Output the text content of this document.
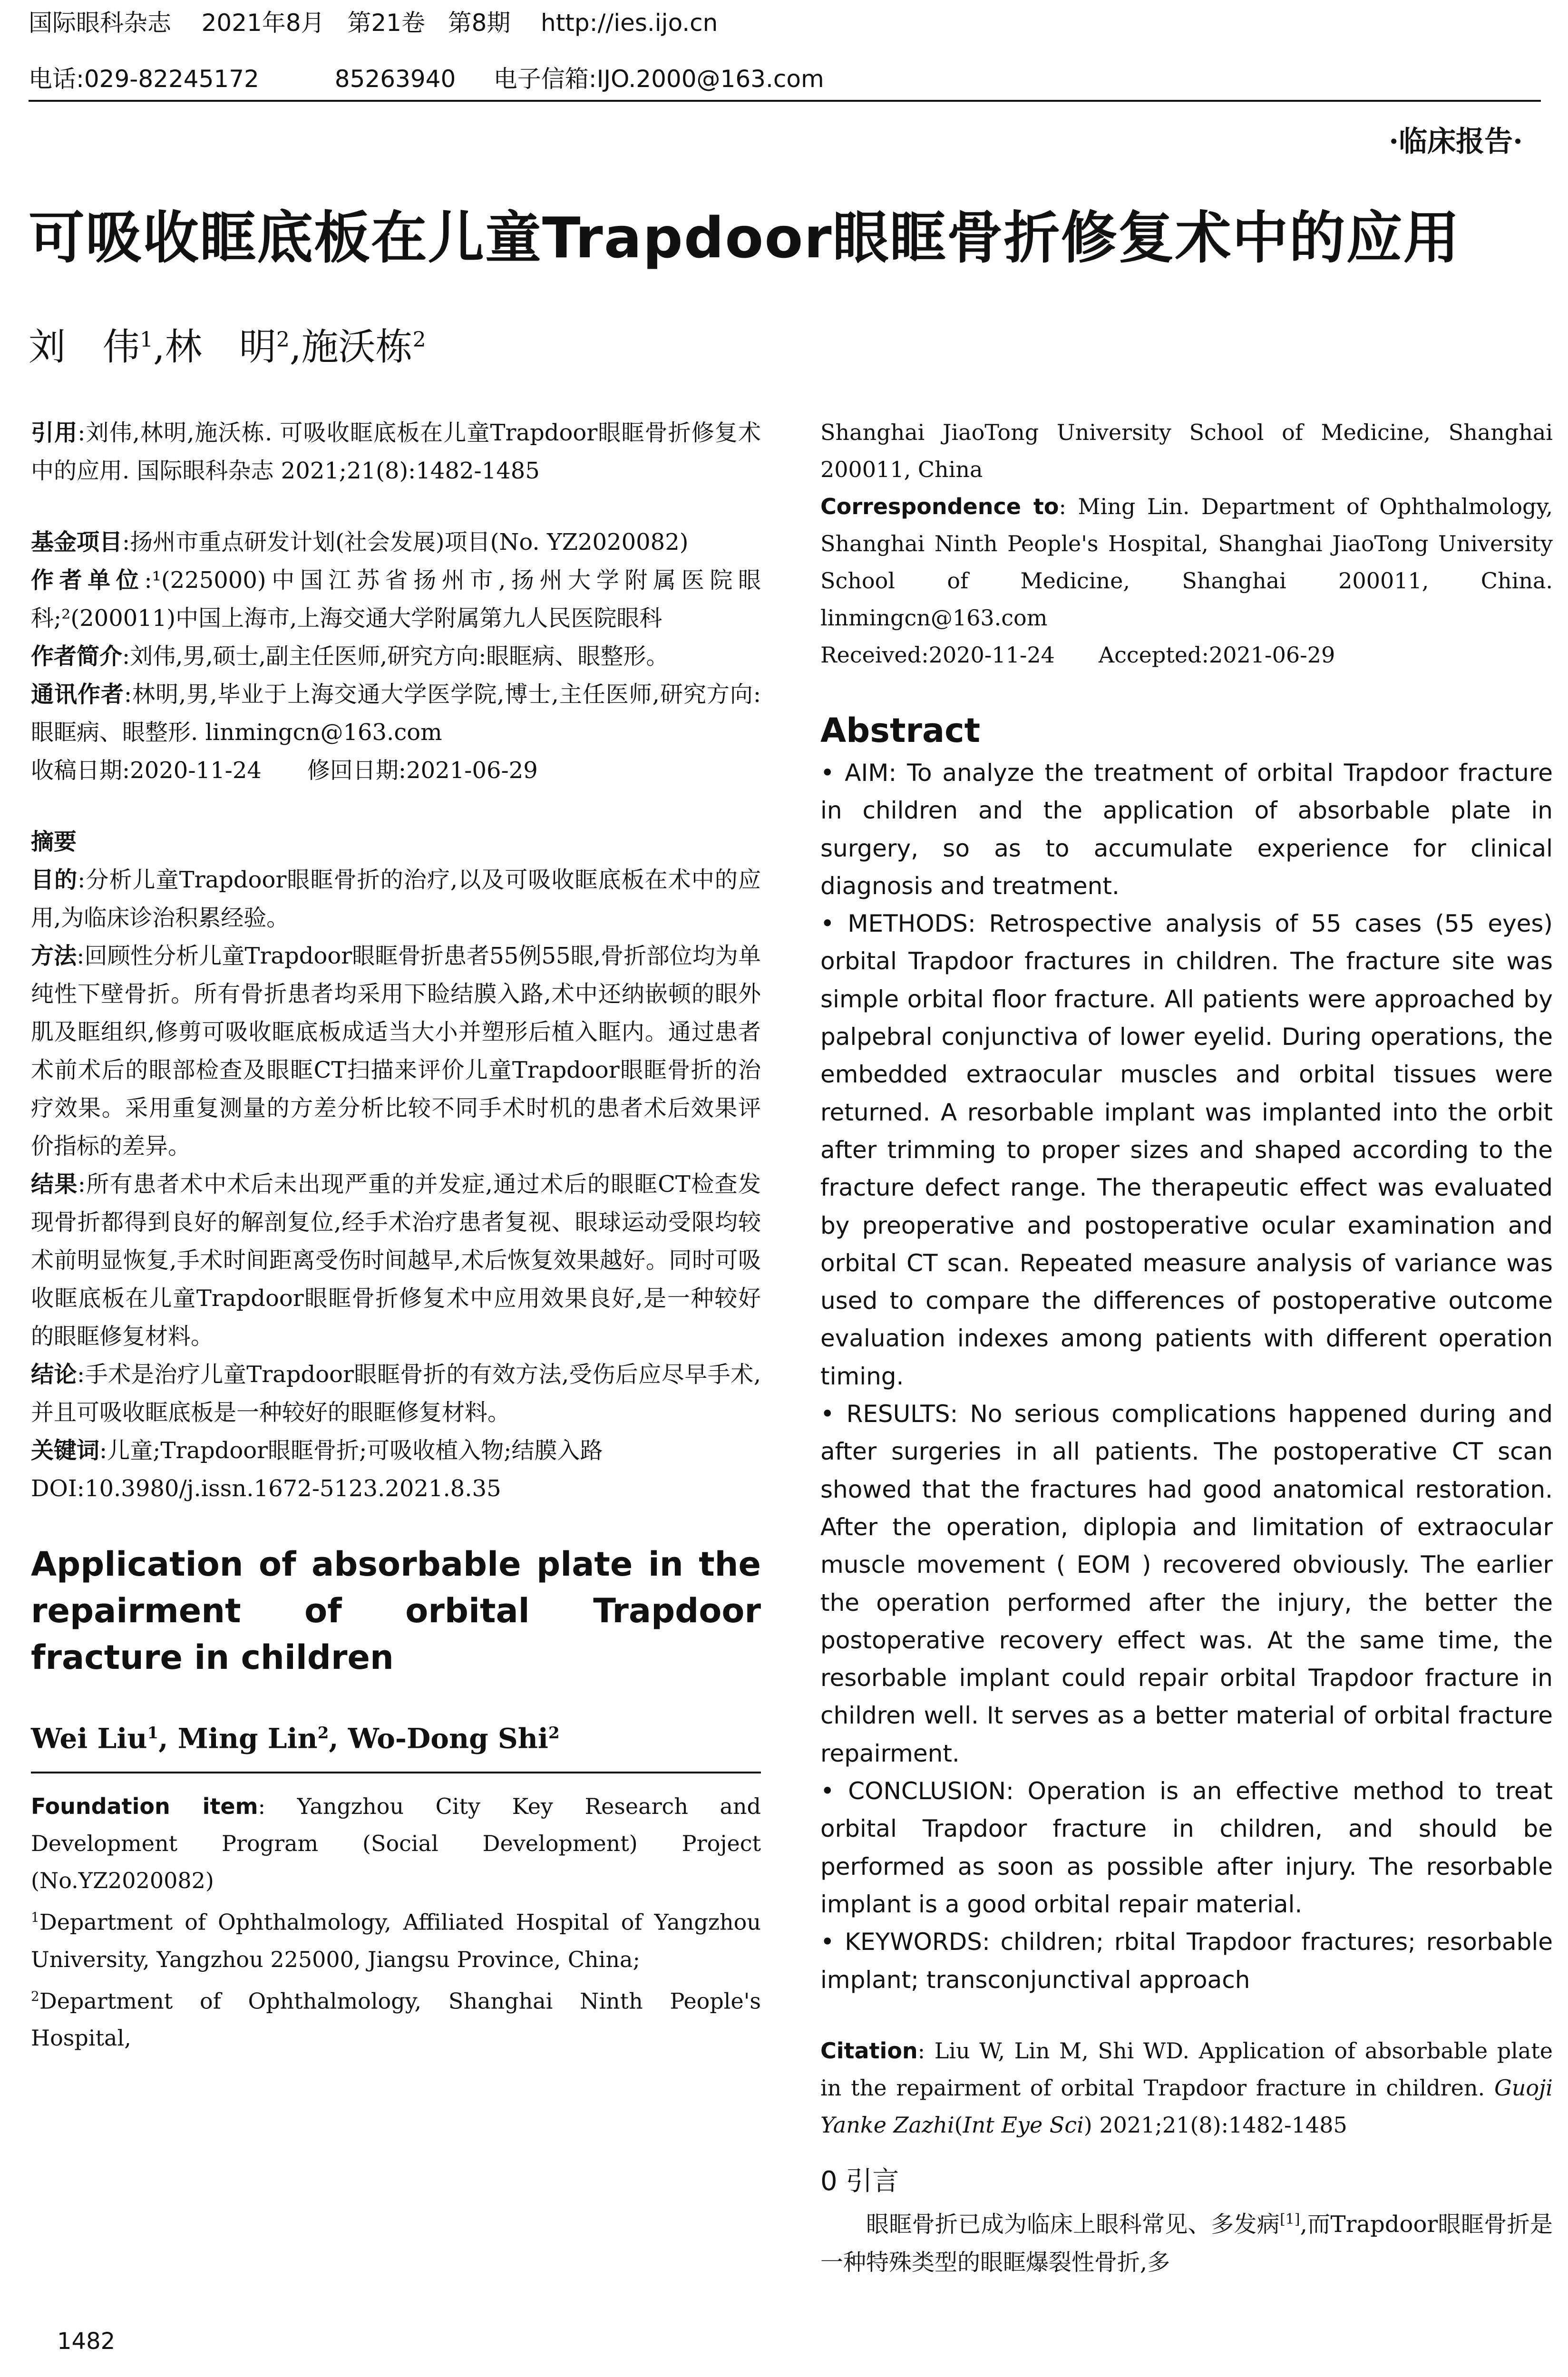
国际眼科杂志 2021年8月   第21卷   第8期 http://ies.ijo.cn
电话:029-82245172	85263940 电子信箱:IJO.2000@163.com
·临床报告·
可吸收眶底板在儿童Trapdoor眼眶骨折修复术中的应用
刘　伟$^1$,林　明$^2$,施沃栋$^2$

引用:刘伟,林明,施沃栋. 可吸收眶底板在儿童Trapdoor眼眶骨折修复术中的应用. 国际眼科杂志 2021;21(8):1482-1485

基金项目:扬州市重点研发计划(社会发展)项目(No. YZ2020082)

作者单位:¹(225000)中国江苏省扬州市,扬州大学附属医院眼科;²(200011)中国上海市,上海交通大学附属第九人民医院眼科

作者简介:刘伟,男,硕士,副主任医师,研究方向:眼眶病、眼整形。

通讯作者:林明,男,毕业于上海交通大学医学院,博士,主任医师,研究方向:眼眶病、眼整形. linmingcn@163.com

收稿日期:2020-11-24　　修回日期:2021-06-29

摘要

目的:分析儿童Trapdoor眼眶骨折的治疗,以及可吸收眶底板在术中的应用,为临床诊治积累经验。

方法:回顾性分析儿童Trapdoor眼眶骨折患者55例55眼,骨折部位均为单纯性下壁骨折。所有骨折患者均采用下睑结膜入路,术中还纳嵌顿的眼外肌及眶组织,修剪可吸收眶底板成适当大小并塑形后植入眶内。通过患者术前术后的眼部检查及眼眶CT扫描来评价儿童Trapdoor眼眶骨折的治疗效果。采用重复测量的方差分析比较不同手术时机的患者术后效果评价指标的差异。

结果:所有患者术中术后未出现严重的并发症,通过术后的眼眶CT检查发现骨折都得到良好的解剖复位,经手术治疗患者复视、眼球运动受限均较术前明显恢复,手术时间距离受伤时间越早,术后恢复效果越好。同时可吸收眶底板在儿童Trapdoor眼眶骨折修复术中应用效果良好,是一种较好的眼眶修复材料。

结论:手术是治疗儿童Trapdoor眼眶骨折的有效方法,受伤后应尽早手术,并且可吸收眶底板是一种较好的眼眶修复材料。

关键词:儿童;Trapdoor眼眶骨折;可吸收植入物;结膜入路

DOI:10.3980/j.issn.1672-5123.2021.8.35

Application of absorbable plate in the repairment of orbital Trapdoor fracture in children

Wei Liu$^1$, Ming Lin$^2$, Wo-Dong Shi$^2$

Foundation item: Yangzhou City Key Research and Development Program (Social Development) Project (No.YZ2020082)

$^1$Department of Ophthalmology, Affiliated Hospital of Yangzhou University, Yangzhou 225000, Jiangsu Province, China;

$^2$Department of Ophthalmology, Shanghai Ninth People's Hospital,

Shanghai JiaoTong University School of Medicine, Shanghai 200011, China

Correspondence to: Ming Lin. Department of Ophthalmology, Shanghai Ninth People's Hospital, Shanghai JiaoTong University School of Medicine, Shanghai 200011, China. linmingcn@163.com

Received:2020-11-24　　Accepted:2021-06-29

Abstract

• AIM: To analyze the treatment of orbital Trapdoor fracture in children and the application of absorbable plate in surgery, so as to accumulate experience for clinical diagnosis and treatment.

• METHODS: Retrospective analysis of 55 cases (55 eyes) orbital Trapdoor fractures in children. The fracture site was simple orbital floor fracture. All patients were approached by palpebral conjunctiva of lower eyelid. During operations, the embedded extraocular muscles and orbital tissues were returned. A resorbable implant was implanted into the orbit after trimming to proper sizes and shaped according to the fracture defect range. The therapeutic effect was evaluated by preoperative and postoperative ocular examination and orbital CT scan. Repeated measure analysis of variance was used to compare the differences of postoperative outcome evaluation indexes among patients with different operation timing.

• RESULTS: No serious complications happened during and after surgeries in all patients. The postoperative CT scan showed that the fractures had good anatomical restoration. After the operation, diplopia and limitation of extraocular muscle movement ( EOM ) recovered obviously. The earlier the operation performed after the injury, the better the postoperative recovery effect was. At the same time, the resorbable implant could repair orbital Trapdoor fracture in children well. It serves as a better material of orbital fracture repairment.

• CONCLUSION: Operation is an effective method to treat orbital Trapdoor fracture in children, and should be performed as soon as possible after injury. The resorbable implant is a good orbital repair material.

• KEYWORDS: children; rbital Trapdoor fractures; resorbable implant; transconjunctival approach

Citation: Liu W, Lin M, Shi WD. Application of absorbable plate in the repairment of orbital Trapdoor fracture in children. Guoji Yanke Zazhi(Int Eye Sci) 2021;21(8):1482-1485

0 引言

眼眶骨折已成为临床上眼科常见、多发病[1],而Trapdoor眼眶骨折是一种特殊类型的眼眶爆裂性骨折,多

1482
